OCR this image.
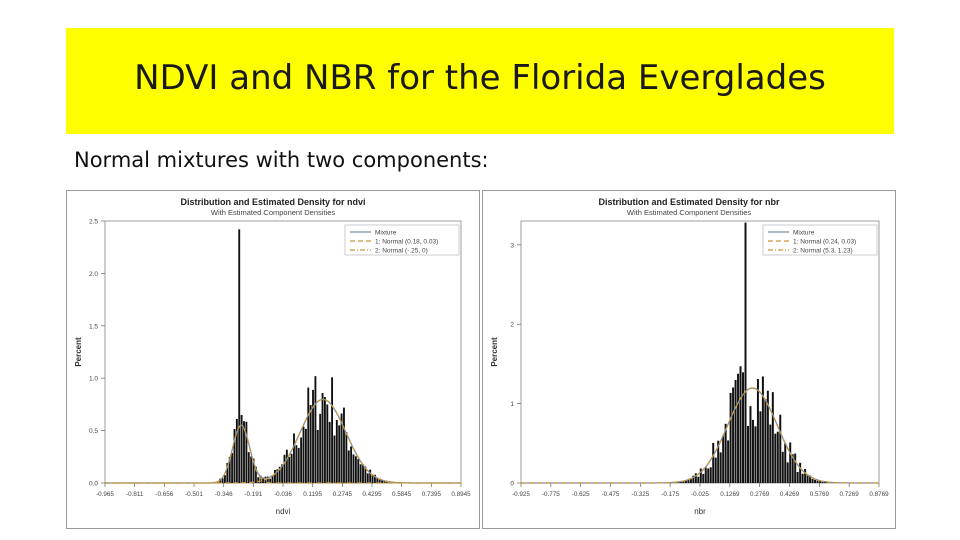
NDVI and NBR for the Florida Everglades
Normal mixtures with two components:
Distribution and Estimated Density for ndvi
With Estimated Component Densities
0.0
0.5
1.0
1.5
2.0
2.5
-0.965 -0.811 -0.656 -0.501 -0.346 -0.191 -0.036 0.1195 0.2745 0.4295 0.5845 0.7395 0.8945
ndvi
Percent
Mixture
1: Normal (0.18, 0.03)
2: Normal (-.25, 0)
Distribution and Estimated Density for nbr
With Estimated Component Densities
0
1
2
3
-0.925 -0.775 -0.625 -0.475 -0.325 -0.175 -0.025 0.1269 0.2769 0.4269 0.5769 0.7269 0.8769
nbr
Percent
Mixture
1: Normal (0.24, 0.03)
2: Normal (5.3, 1.23)
